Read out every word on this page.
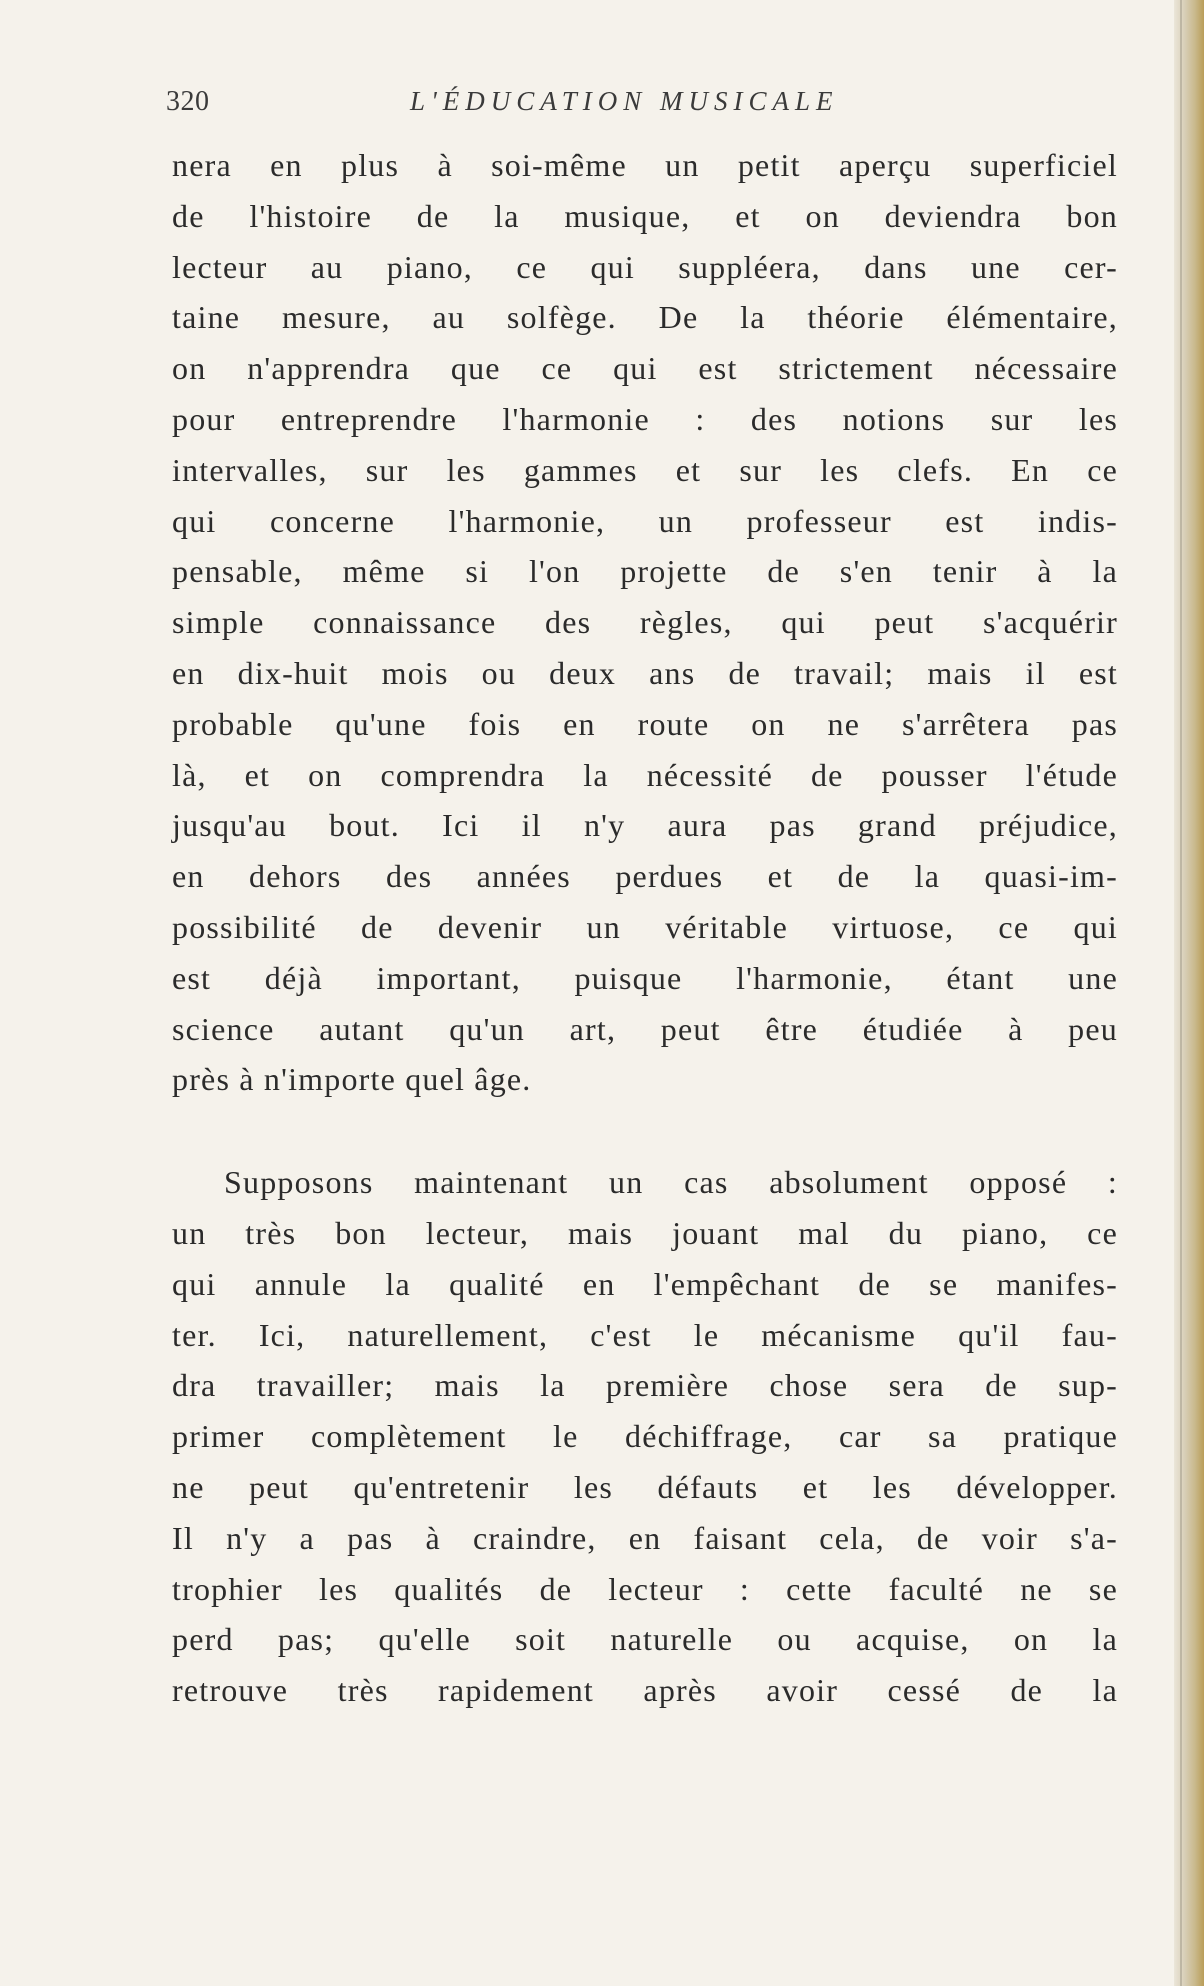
320	L'ÉDUCATION MUSICALE
nera en plus à soi-même un petit aperçu superficiel
de l'histoire de la musique, et on deviendra bon
lecteur au piano, ce qui suppléera, dans une cer-
taine mesure, au solfège. De la théorie élémentaire,
on n'apprendra que ce qui est strictement nécessaire
pour entreprendre l'harmonie : des notions sur les
intervalles, sur les gammes et sur les clefs. En ce
qui concerne l'harmonie, un professeur est indis-
pensable, même si l'on projette de s'en tenir à la
simple connaissance des règles, qui peut s'acquérir
en dix-huit mois ou deux ans de travail; mais il est
probable qu'une fois en route on ne s'arrêtera pas
là, et on comprendra la nécessité de pousser l'étude
jusqu'au bout. Ici il n'y aura pas grand préjudice,
en dehors des années perdues et de la quasi-im-
possibilité de devenir un véritable virtuose, ce qui
est déjà important, puisque l'harmonie, étant une
science autant qu'un art, peut être étudiée à peu
près à n'importe quel âge.
Supposons maintenant un cas absolument opposé :
un très bon lecteur, mais jouant mal du piano, ce
qui annule la qualité en l'empêchant de se manifes-
ter. Ici, naturellement, c'est le mécanisme qu'il fau-
dra travailler; mais la première chose sera de sup-
primer complètement le déchiffrage, car sa pratique
ne peut qu'entretenir les défauts et les développer.
Il n'y a pas à craindre, en faisant cela, de voir s'a-
trophier les qualités de lecteur : cette faculté ne se
perd pas; qu'elle soit naturelle ou acquise, on la
retrouve très rapidement après avoir cessé de la
